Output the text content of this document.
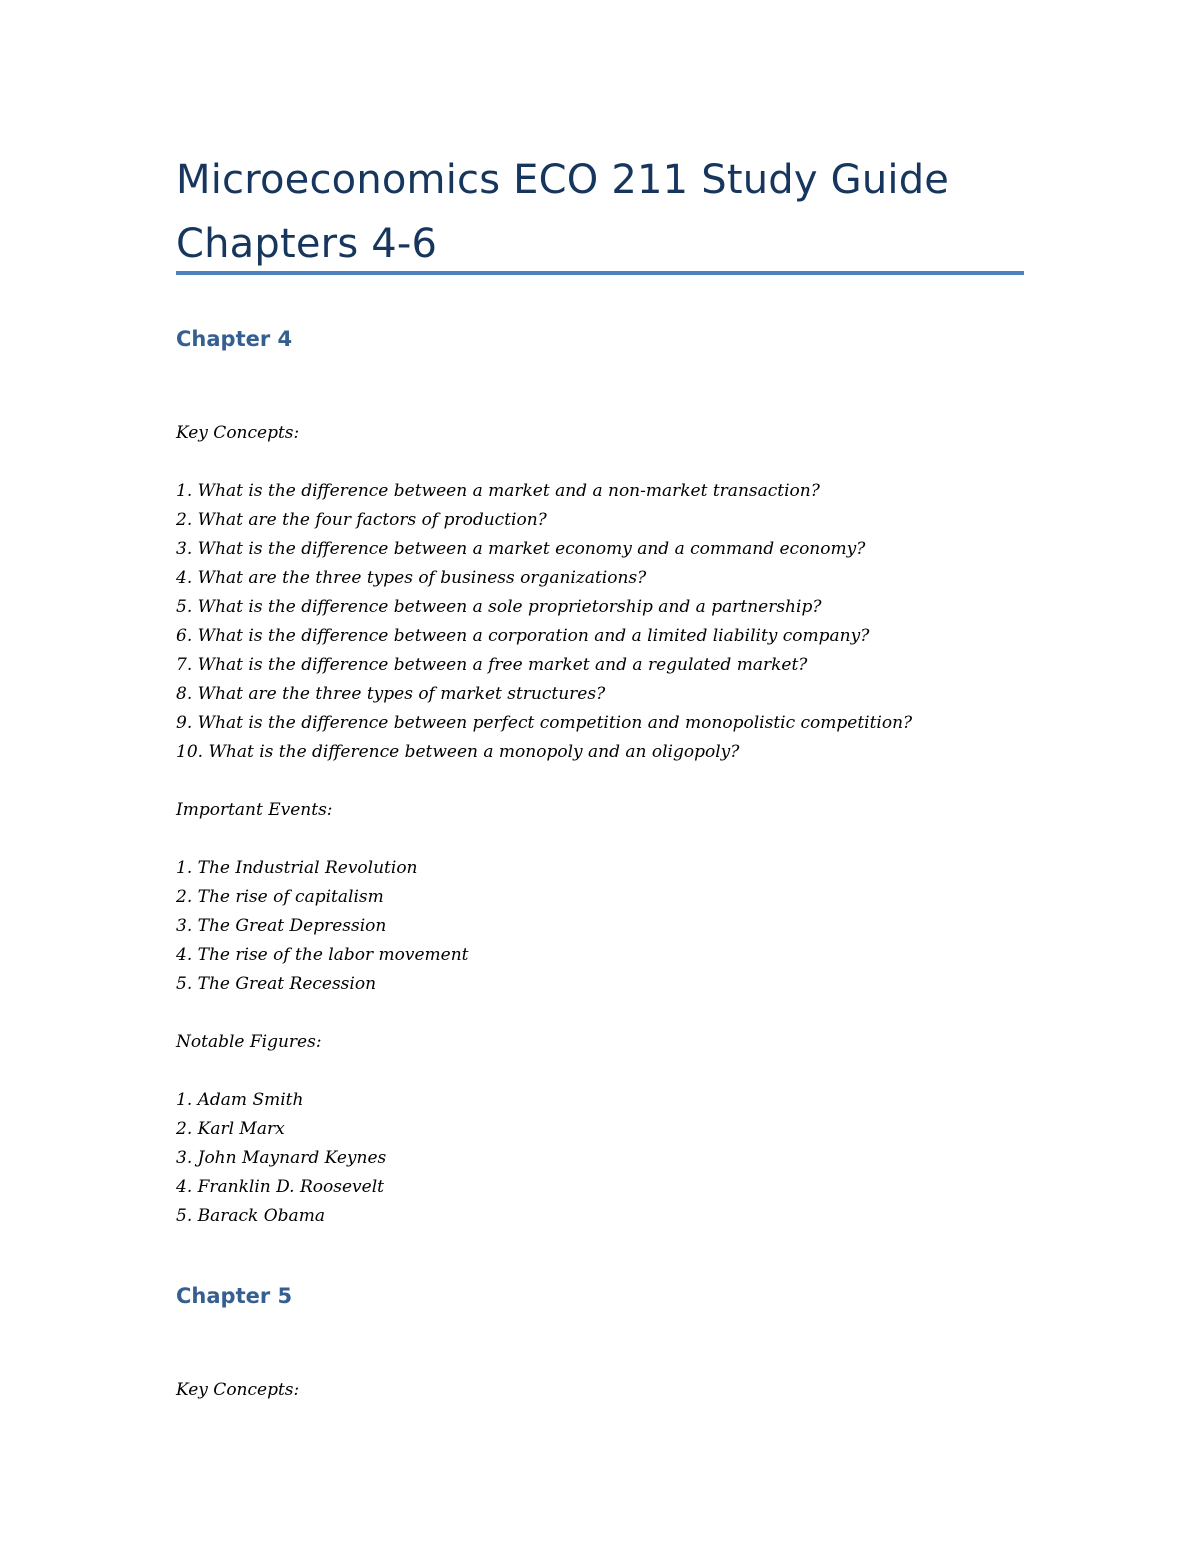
Microeconomics ECO 211 Study Guide
Chapters 4-6
Chapter 4
Key Concepts:
1. What is the difference between a market and a non-market transaction?
2. What are the four factors of production?
3. What is the difference between a market economy and a command economy?
4. What are the three types of business organizations?
5. What is the difference between a sole proprietorship and a partnership?
6. What is the difference between a corporation and a limited liability company?
7. What is the difference between a free market and a regulated market?
8. What are the three types of market structures?
9. What is the difference between perfect competition and monopolistic competition?
10. What is the difference between a monopoly and an oligopoly?
Important Events:
1. The Industrial Revolution
2. The rise of capitalism
3. The Great Depression
4. The rise of the labor movement
5. The Great Recession
Notable Figures:
1. Adam Smith
2. Karl Marx
3. John Maynard Keynes
4. Franklin D. Roosevelt
5. Barack Obama
Chapter 5
Key Concepts:
